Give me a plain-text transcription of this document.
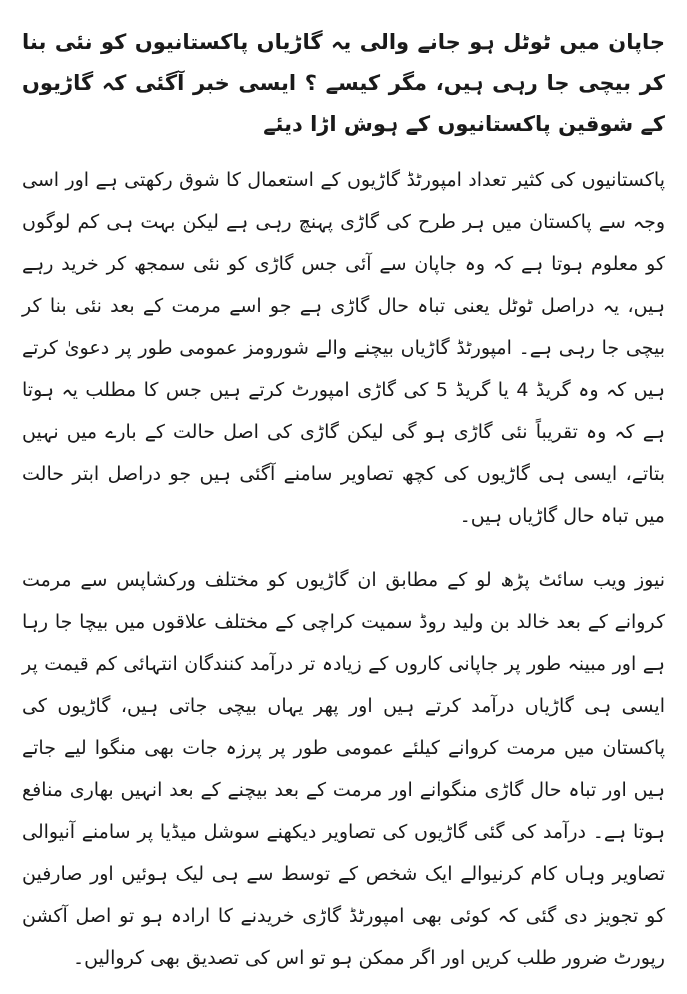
جاپان میں ٹوٹل ہو جانے والی یہ گاڑیاں پاکستانیوں کو نئی بنا کر بیچی جا رہی ہیں، مگر کیسے ؟ ایسی خبر آگئی کہ گاڑیوں کے شوقین پاکستانیوں کے ہوش اڑا دیئے

پاکستانیوں کی کثیر تعداد امپورٹڈ گاڑیوں کے استعمال کا شوق رکھتی ہے اور اسی وجہ سے پاکستان میں ہر طرح کی گاڑی پہنچ رہی ہے لیکن بہت ہی کم لوگوں کو معلوم ہوتا ہے کہ وہ جاپان سے آئی جس گاڑی کو نئی سمجھ کر خرید رہے ہیں، یہ دراصل ٹوٹل یعنی تباہ حال گاڑی ہے جو اسے مرمت کے بعد نئی بنا کر بیچی جا رہی ہے۔ امپورٹڈ گاڑیاں بیچنے والے شورومز عمومی طور پر دعویٰ کرتے ہیں کہ وہ گریڈ 4 یا گریڈ 5 کی گاڑی امپورٹ کرتے ہیں جس کا مطلب یہ ہوتا ہے کہ وہ تقریباً نئی گاڑی ہو گی لیکن گاڑی کی اصل حالت کے بارے میں نہیں بتاتے، ایسی ہی گاڑیوں کی کچھ تصاویر سامنے آگئی ہیں جو دراصل ابتر حالت میں تباہ حال گاڑیاں ہیں۔

نیوز ویب سائٹ پڑھ لو کے مطابق ان گاڑیوں کو مختلف ورکشاپس سے مرمت کروانے کے بعد خالد بن ولید روڈ سمیت کراچی کے مختلف علاقوں میں بیچا جا رہا ہے اور مبینہ طور پر جاپانی کاروں کے زیادہ تر درآمد کنندگان انتہائی کم قیمت پر ایسی ہی گاڑیاں درآمد کرتے ہیں اور پھر یہاں بیچی جاتی ہیں، گاڑیوں کی پاکستان میں مرمت کروانے کیلئے عمومی طور پر پرزہ جات بھی منگوا لیے جاتے ہیں اور تباہ حال گاڑی منگوانے اور مرمت کے بعد بیچنے کے بعد انہیں بھاری منافع ہوتا ہے۔ درآمد کی گئی گاڑیوں کی تصاویر دیکھنے سوشل میڈیا پر سامنے آنیوالی تصاویر وہاں کام کرنیوالے ایک شخص کے توسط سے ہی لیک ہوئیں اور صارفین کو تجویز دی گئی کہ کوئی بھی امپورٹڈ گاڑی خریدنے کا ارادہ ہو تو اصل آکشن رپورٹ ضرور طلب کریں اور اگر ممکن ہو تو اس کی تصدیق بھی کروالیں۔
